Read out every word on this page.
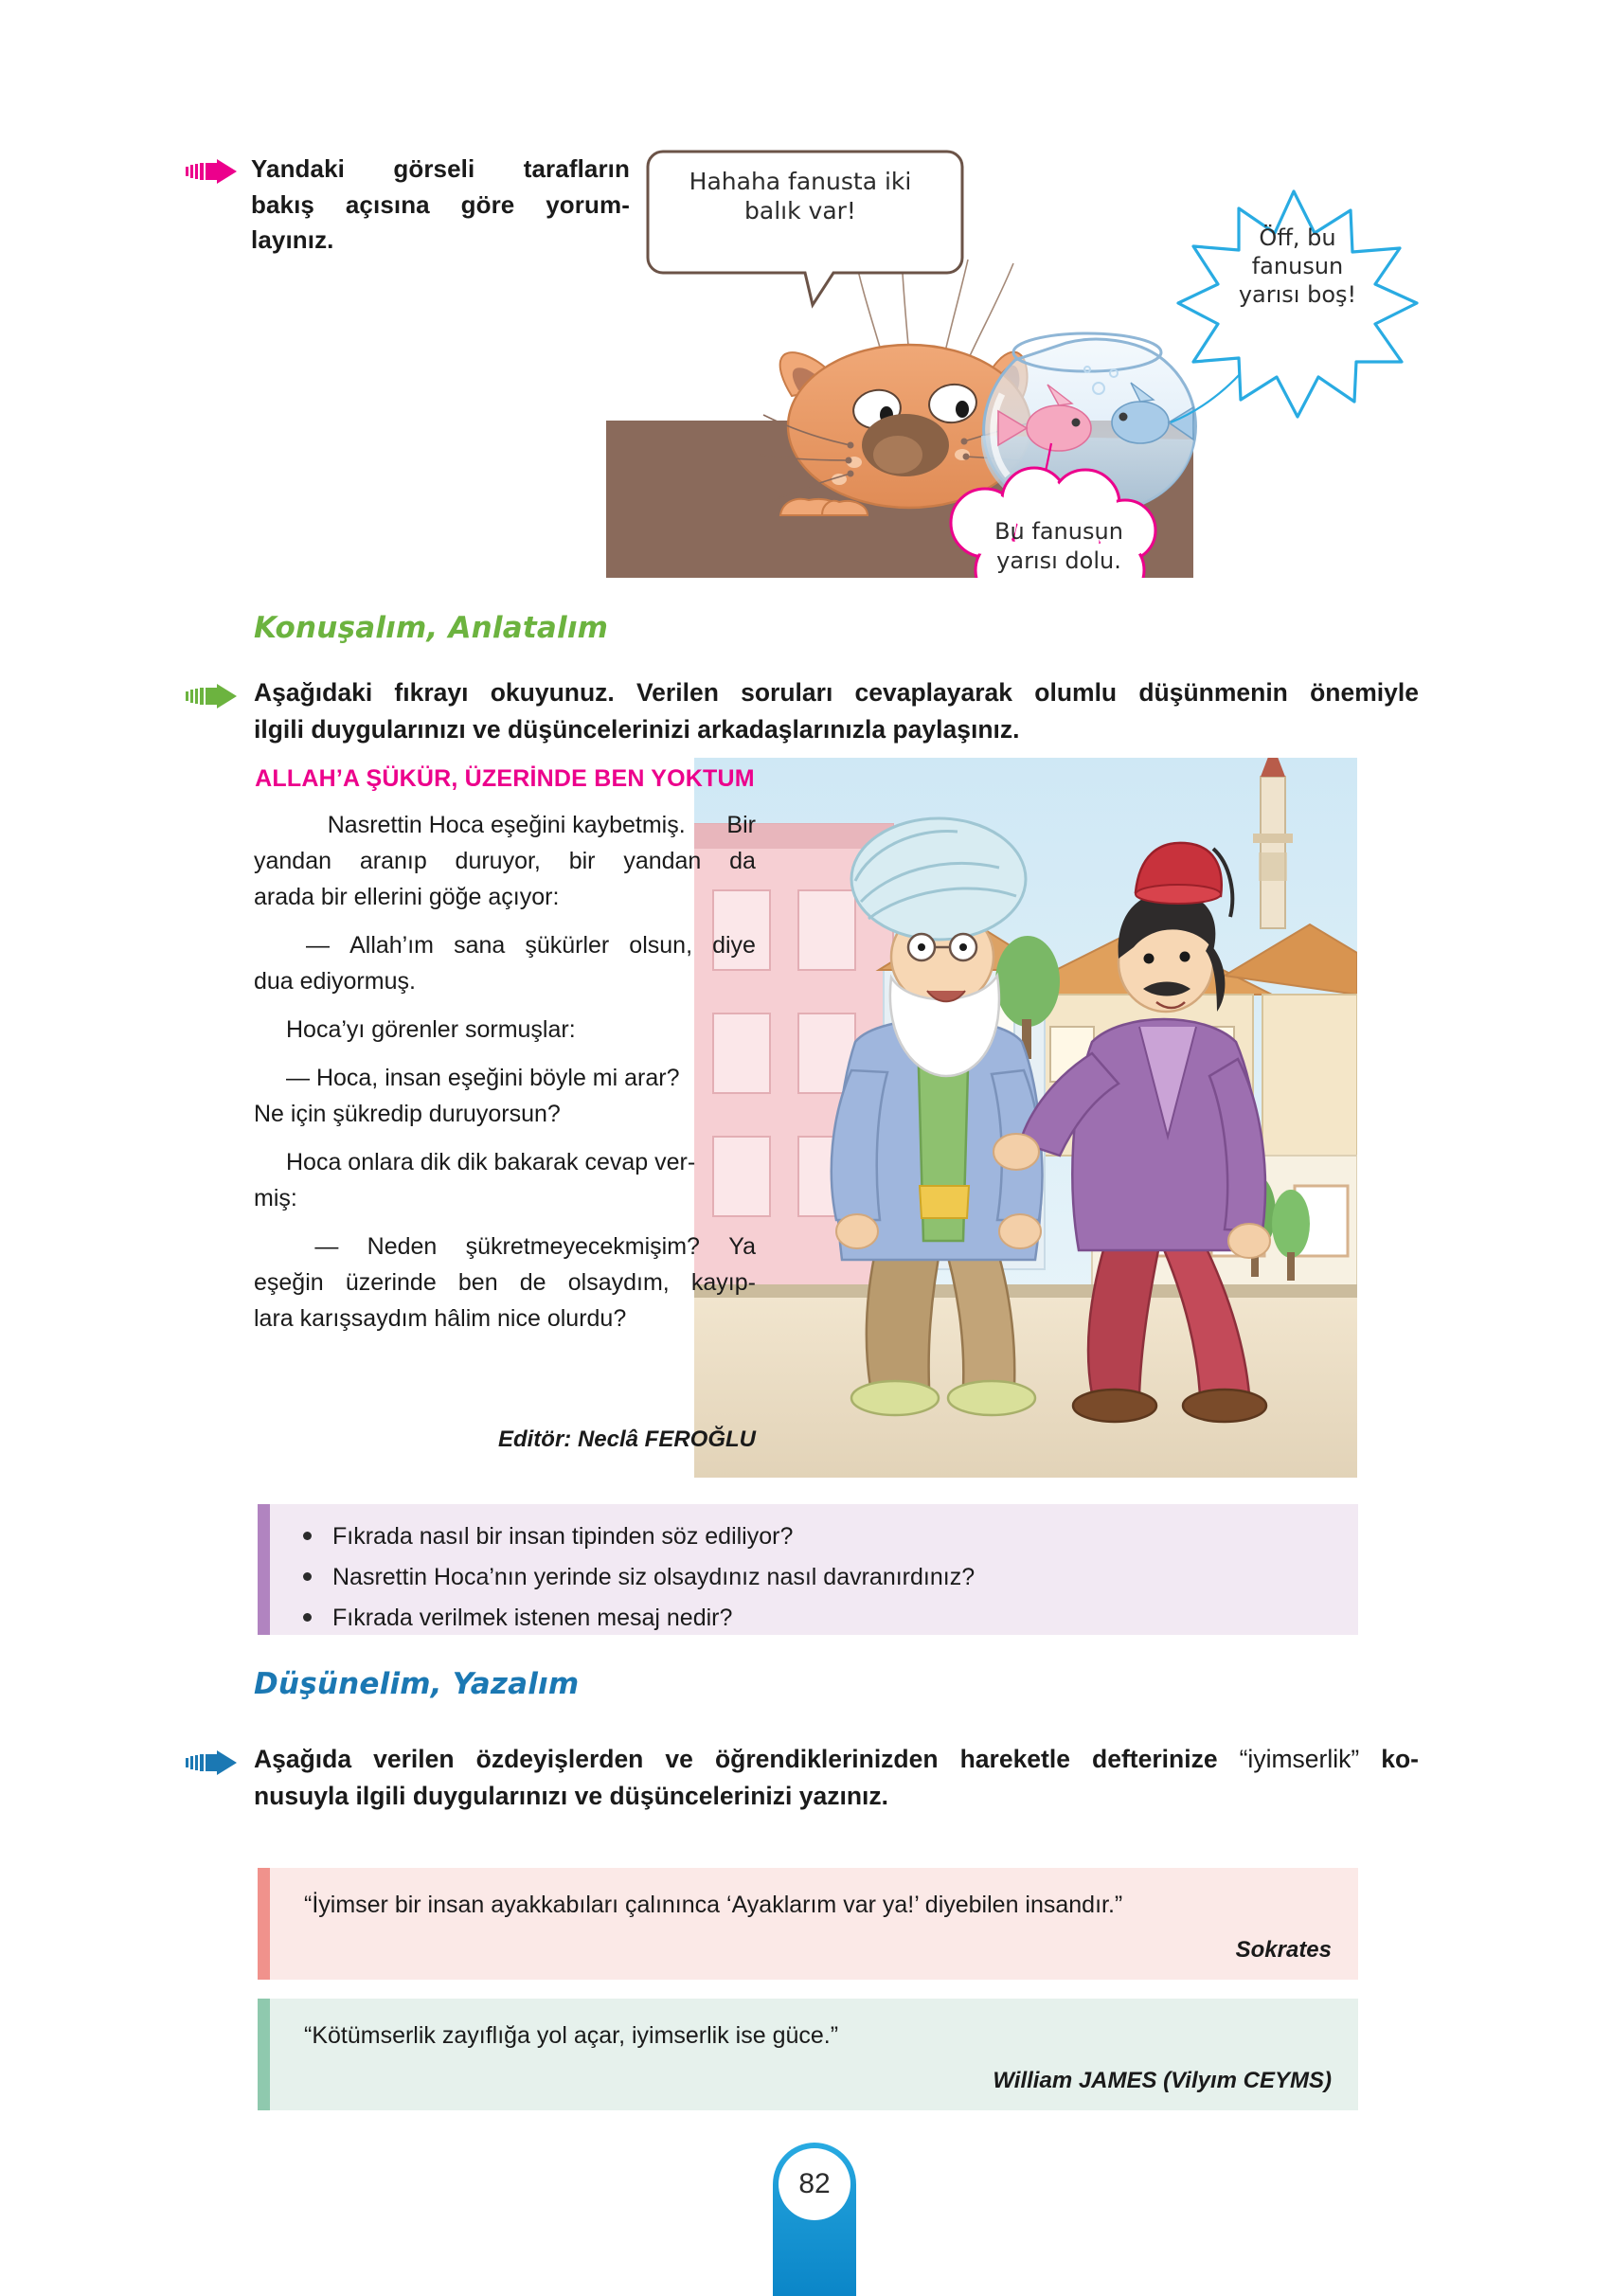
Yandaki görseli tarafların
bakış açısına göre yorum-
layınız.
Hahaha fanusta iki
balık var!
Öff, bu
fanusun
yarısı boş!
Bu fanusun
yarısı dolu.
Konuşalım, Anlatalım
Aşağıdaki fıkrayı okuyunuz. Verilen soruları cevaplayarak olumlu düşünmenin önemiyle
ilgili duygularınızı ve düşüncelerinizi arkadaşlarınızla paylaşınız.
ALLAH’A ŞÜKÜR, ÜZERİNDE BEN YOKTUM

Nasrettin Hoca eşeğini kaybetmiş. Bir
yandan aranıp duruyor, bir yandan da
arada bir ellerini göğe açıyor:

— Allah’ım sana şükürler olsun, diye
dua ediyormuş.

Hoca’yı görenler sormuşlar:

— Hoca, insan eşeğini böyle mi arar?
Ne için şükredip duruyorsun?

Hoca onlara dik dik bakarak cevap ver-
miş:

— Neden şükretmeyecekmişim? Ya
eşeğin üzerinde ben de olsaydım, kayıp-
lara karışsaydım hâlim nice olurdu?

Editör: Neclâ FEROĞLU
Fıkrada nasıl bir insan tipinden söz ediliyor?
Nasrettin Hoca’nın yerinde siz olsaydınız nasıl davranırdınız?
Fıkrada verilmek istenen mesaj nedir?
Düşünelim, Yazalım
Aşağıda verilen özdeyişlerden ve öğrendiklerinizden hareketle defterinize “iyimserlik” ko-
nusuyla ilgili duygularınızı ve düşüncelerinizi yazınız.
“İyimser bir insan ayakkabıları çalınınca ‘Ayaklarım var ya!’ diyebilen insandır.”
Sokrates
“Kötümserlik zayıflığa yol açar, iyimserlik ise güce.”
William JAMES (Vilyım CEYMS)
82
